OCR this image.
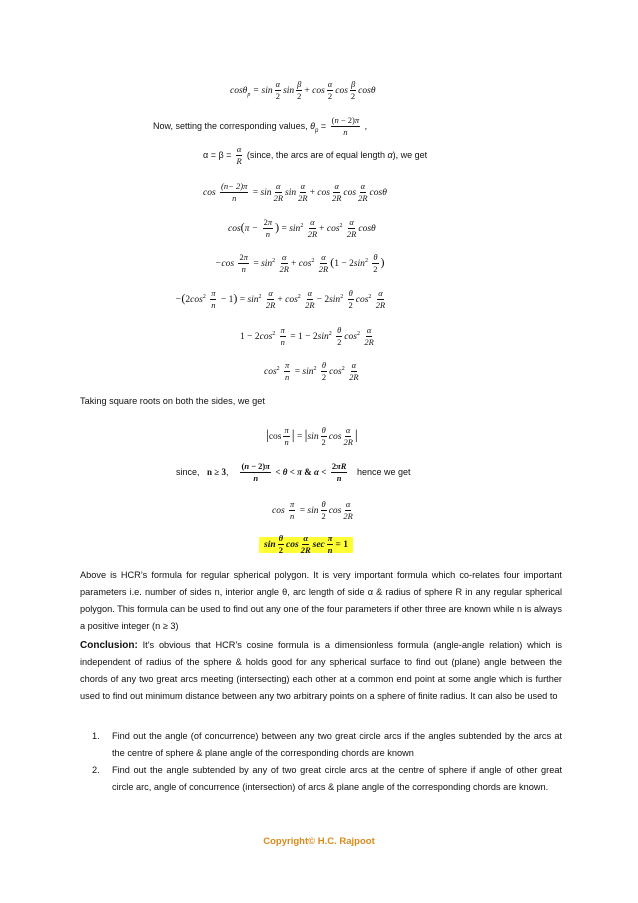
$\cos\theta_p = \sin \frac{\alpha}{2}$ $\sin \frac{\beta}{2} + \cos \frac{\alpha}{2}$ $\cos \frac{\beta}{2}$ cosθ
Now, setting the corresponding values, $\theta_p = \frac{(n - 2)\pi}{n}$ ,
$\alpha = \beta = \frac{\alpha}{R}$ (since, the arcs are of equal length α), we get
$\cos \frac{(n- 2)\pi}{n} = \sin \frac{\alpha}{2R}$ $\sin \frac{\alpha}{2R} + \cos \frac{\alpha}{2R}$ $\cos \frac{\alpha}{2R}$ cosθ
$\cos(\pi - \frac{2\pi}{n}$ ) = $\sin^2 \frac{\alpha}{2R} + \cos^2 \frac{\alpha}{2R}$ cosθ
$-\cos \frac{2\pi}{n} = \sin^2 \frac{\alpha}{2R} + \cos^2 \frac{\alpha}{2R} (1 - 2\sin^2 \frac{\theta}{2}$ )
$-(2\cos^2 \frac{\pi}{n} - 1) = \sin^2 \frac{\alpha}{2R} + \cos^2 \frac{\alpha}{2R} - 2\sin^2 \frac{\theta}{2} \cos^2 \frac{\alpha}{2R}$
$1 - 2\cos^2 \frac{\pi}{n} = 1 - 2\sin^2 \frac{\theta}{2} \cos^2 \frac{\alpha}{2R}$
$\cos^2 \frac{\pi}{n} = \sin^2 \frac{\theta}{2} \cos^2 \frac{\alpha}{2R}$
Taking square roots on both the sides, we get
$|\cos \frac{\pi}{n}$ | = $|\sin \frac{\theta}{2}$ $\cos \frac{\alpha}{2R}$ |
since,   n ≥ 3, $\frac{(n - 2)\pi}{n} < \theta < \pi$ & $\alpha < \frac{2\pi R}{n}$ hence we get
$\cos \frac{\pi}{n} = \sin \frac{\theta}{2}$ $\cos \frac{\alpha}{2R}$
$\sin \frac{\theta}{2}$ $\cos \frac{\alpha}{2R}$ $\sec \frac{\pi}{n} = 1$
Above is HCR’s formula for regular spherical polygon. It is very important formula which co-relates four important parameters i.e. number of sides n, interior angle θ, arc length of side α & radius of sphere R in any regular spherical polygon. This formula can be used to find out any one of the four parameters if other three are known while n is always a positive integer (n ≥ 3)
Conclusion: It’s obvious that HCR’s cosine formula is a dimensionless formula (angle-angle relation) which is independent of radius of the sphere & holds good for any spherical surface to find out (plane) angle between the chords of any two great arcs meeting (intersecting) each other at a common end point at some angle which is further used to find out minimum distance between any two arbitrary points on a sphere of finite radius. It can also be used to
1. Find out the angle (of concurrence) between any two great circle arcs if the angles subtended by the arcs at the centre of sphere & plane angle of the corresponding chords are known
2. Find out the angle subtended by any of two great circle arcs at the centre of sphere if angle of other great circle arc, angle of concurrence (intersection) of arcs & plane angle of the corresponding chords are known.
Copyright© H.C. Rajpoot
